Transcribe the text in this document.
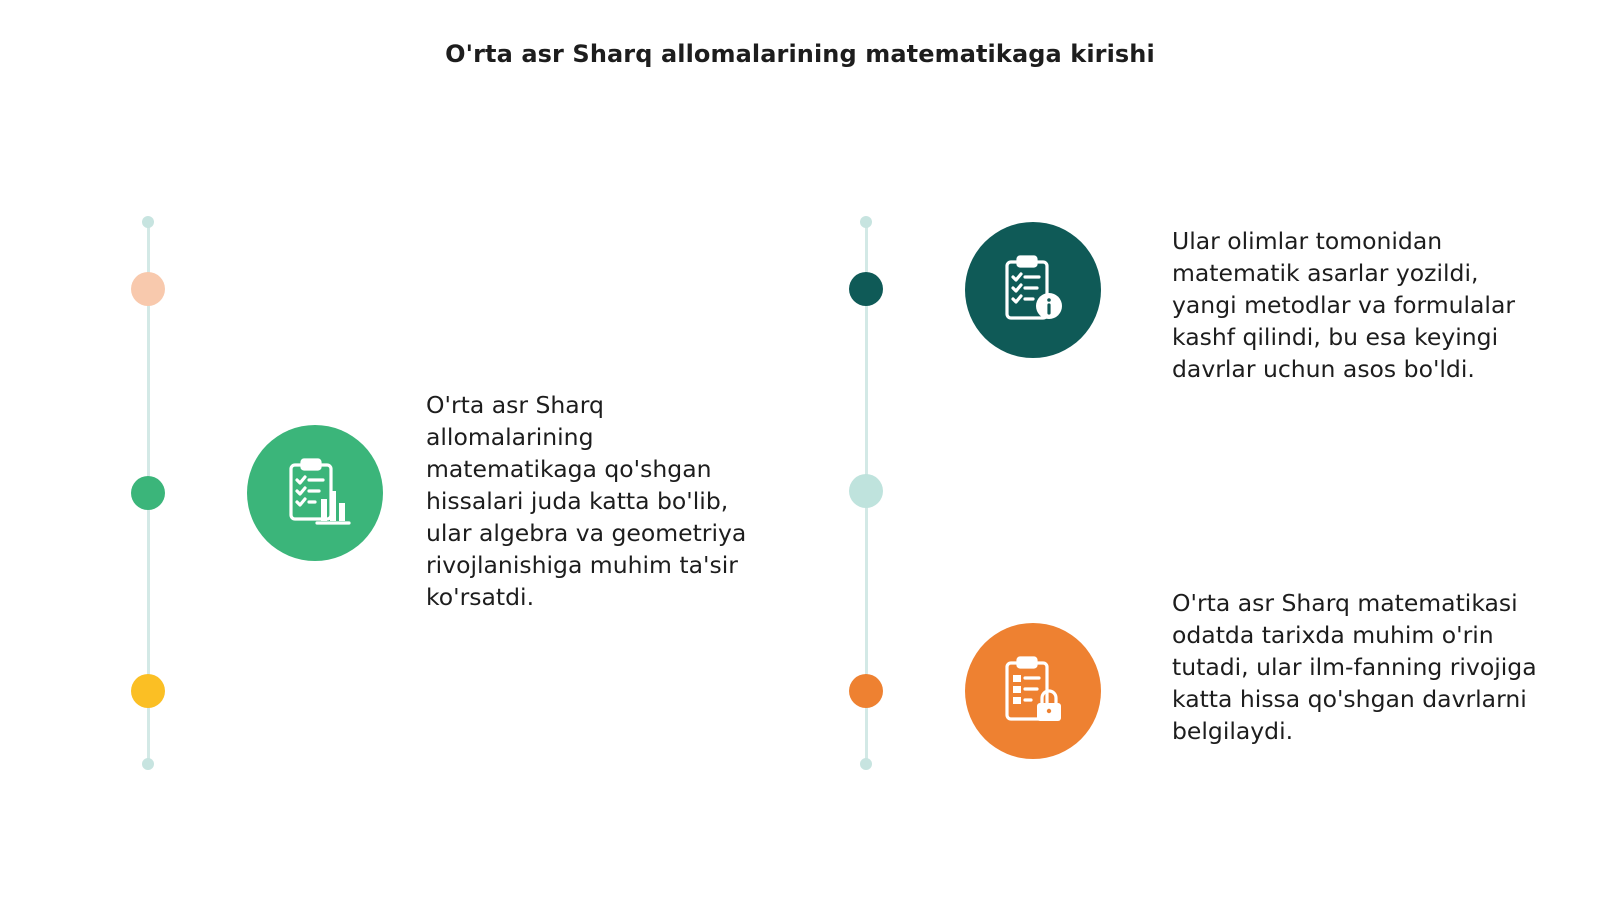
O'rta asr Sharq allomalarining matematikaga kirishi
O'rta asr Sharq allomalarining matematikaga qo'shgan hissalari juda katta bo'lib, ular algebra va geometriya rivojlanishiga muhim ta'sir ko'rsatdi.
Ular olimlar tomonidan matematik asarlar yozildi, yangi metodlar va formulalar kashf qilindi, bu esa keyingi davrlar uchun asos bo'ldi.
O'rta asr Sharq matematikasi odatda tarixda muhim o'rin tutadi, ular ilm-fanning rivojiga katta hissa qo'shgan davrlarni belgilaydi.
